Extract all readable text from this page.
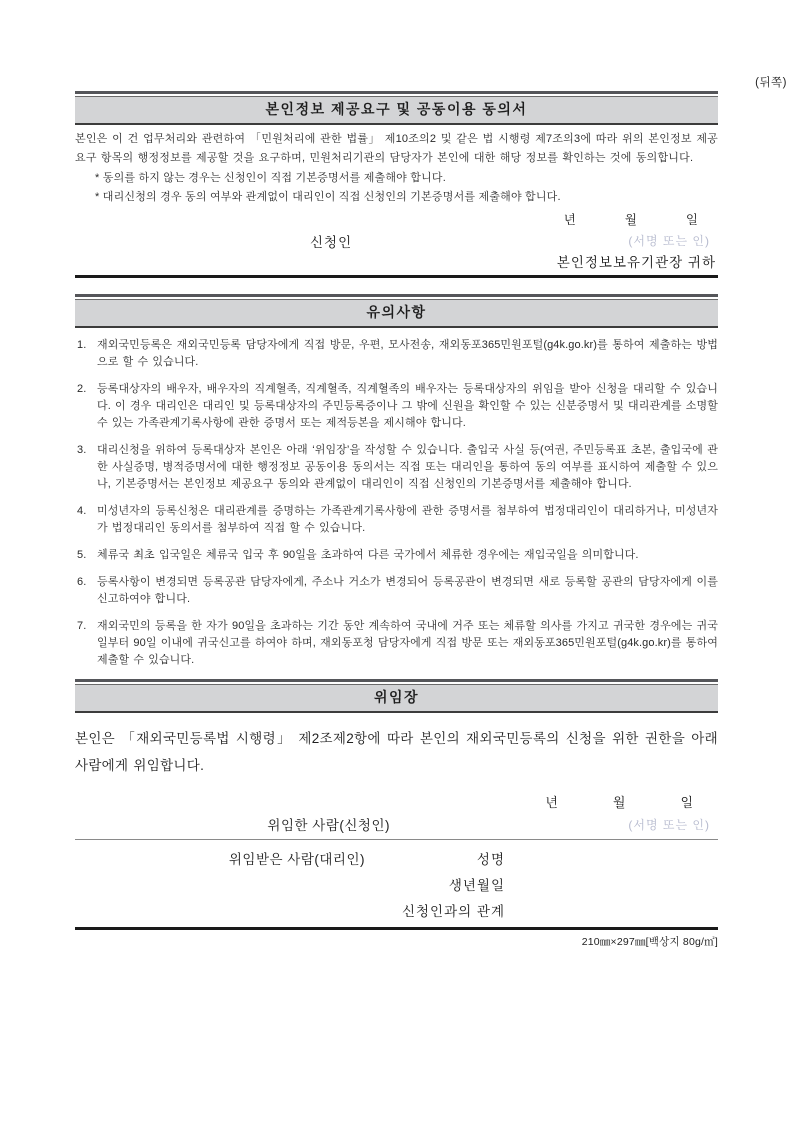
(뒤쪽)
본인정보 제공요구 및 공동이용 동의서

본인은 이 건 업무처리와 관련하여 「민원처리에 관한 법률」 제10조의2 및 같은 법 시행령 제7조의3에 따라 위의 본인정보 제공요구 항목의 행정정보를 제공할 것을 요구하며, 민원처리기관의 담당자가 본인에 대한 해당 정보를 확인하는 것에 동의합니다.

* 동의를 하지 않는 경우는 신청인이 직접 기본증명서를 제출해야 합니다.
* 대리신청의 경우 동의 여부와 관계없이 대리인이 직접 신청인의 기본증명서를 제출해야 합니다.
년	월	일
신청인	(서명 또는 인)
본인정보보유기관장 귀하
유의사항
1. 재외국민등록은 재외국민등록 담당자에게 직접 방문, 우편, 모사전송, 재외동포365민원포털(g4k.go.kr)를 통하여 제출하는 방법으로 할 수 있습니다.
2. 등록대상자의 배우자, 배우자의 직계혈족, 직계혈족, 직계혈족의 배우자는 등록대상자의 위임을 받아 신청을 대리할 수 있습니다. 이 경우 대리인은 대리인 및 등록대상자의 주민등록증이나 그 밖에 신원을 확인할 수 있는 신분증명서 및 대리관계를 소명할 수 있는 가족관계기록사항에 관한 증명서 또는 제적등본을 제시해야 합니다.
3. 대리신청을 위하여 등록대상자 본인은 아래 ‘위임장’을 작성할 수 있습니다. 출입국 사실 등(여권, 주민등록표 초본, 출입국에 관한 사실증명, 병적증명서에 대한 행정정보 공동이용 동의서는 직접 또는 대리인을 통하여 동의 여부를 표시하여 제출할 수 있으나, 기본증명서는 본인정보 제공요구 동의와 관계없이 대리인이 직접 신청인의 기본증명서를 제출해야 합니다.
4. 미성년자의 등록신청은 대리관계를 증명하는 가족관계기록사항에 관한 증명서를 첨부하여 법정대리인이 대리하거나, 미성년자가 법정대리인 동의서를 첨부하여 직접 할 수 있습니다.
5. 체류국 최초 입국일은 체류국 입국 후 90일을 초과하여 다른 국가에서 체류한 경우에는 재입국일을 의미합니다.
6. 등록사항이 변경되면 등록공관 담당자에게, 주소나 거소가 변경되어 등록공관이 변경되면 새로 등록할 공관의 담당자에게 이를 신고하여야 합니다.
7. 재외국민의 등록을 한 자가 90일을 초과하는 기간 동안 계속하여 국내에 거주 또는 체류할 의사를 가지고 귀국한 경우에는 귀국일부터 90일 이내에 귀국신고를 하여야 하며, 재외동포청 담당자에게 직접 방문 또는 재외동포365민원포털(g4k.go.kr)를 통하여 제출할 수 있습니다.
위임장

본인은 「재외국민등록법 시행령」 제2조제2항에 따라 본인의 재외국민등록의 신청을 위한 권한을 아래 사람에게 위임합니다.

년	월	일
위임한 사람(신청인)	(서명 또는 인)
위임받은 사람(대리인)	성명
생년월일
신청인과의 관계
210㎜×297㎜[백상지 80g/㎡]
